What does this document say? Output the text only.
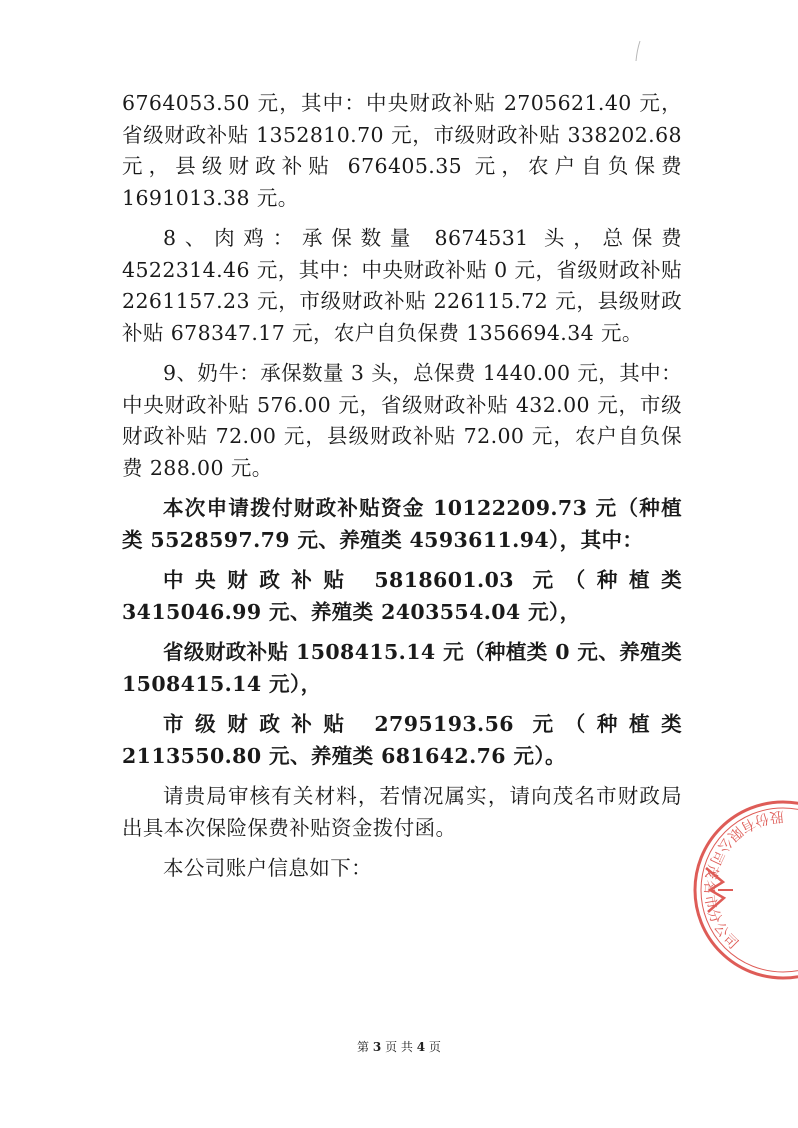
6764053.50 元，其中：中央财政补贴 2705621.40 元，省级财政补贴 1352810.70 元，市级财政补贴 338202.68 元，县级财政补贴 676405.35 元，农户自负保费 1691013.38 元。

8、肉鸡：承保数量 8674531 头，总保费 4522314.46 元，其中：中央财政补贴 0 元，省级财政补贴 2261157.23 元，市级财政补贴 226115.72 元，县级财政补贴 678347.17 元，农户自负保费 1356694.34 元。

9、奶牛：承保数量 3 头，总保费 1440.00 元，其中：中央财政补贴 576.00 元，省级财政补贴 432.00 元，市级财政补贴 72.00 元，县级财政补贴 72.00 元，农户自负保费 288.00 元。

本次申请拨付财政补贴资金 10122209.73 元（种植类 5528597.79 元、养殖类 4593611.94），其中：

中央财政补贴 5818601.03 元（种植类 3415046.99 元、养殖类 2403554.04 元），

省级财政补贴 1508415.14 元（种植类 0 元、养殖类 1508415.14 元），

市级财政补贴 2795193.56 元（种植类 2113550.80 元、养殖类 681642.76 元）。

请贵局审核有关材料，若情况属实，请向茂名市财政局出具本次保险保费补贴资金拨付函。

本公司账户信息如下：

股份有限公司茂名市分公司
第 3 页 共 4 页
